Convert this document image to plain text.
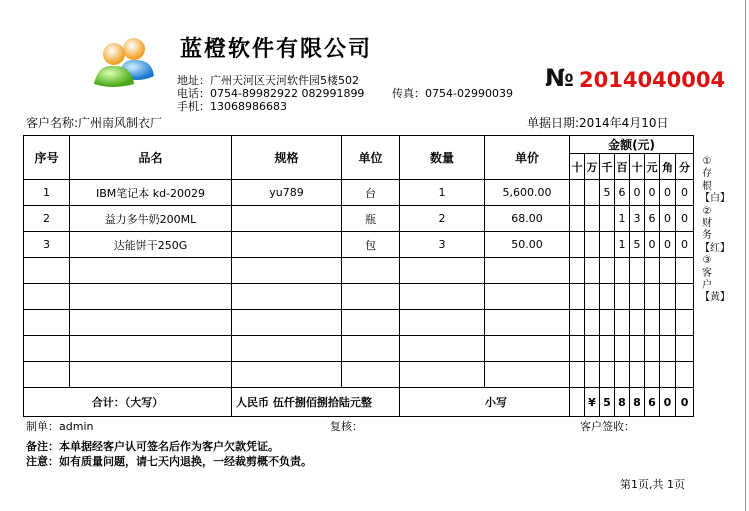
蓝橙软件有限公司
地址：广州天河区天河软件园5楼502
电话：0754-89982922 082991899	传真：0754-02990039
手机：13068986683
№ 2014040004
客户名称:广州南风制衣厂	单据日期:2014年4月10日
序号	品名	规格	单位	数量	单价	金额(元)							
						十	万	千	百	十	元	角	分
1	IBM笔记本 kd-20029	yu789	台	1	5,600.00			5	6	0	0	0	0
2	益力多牛奶200ML		瓶	2	68.00				1	3	6	0	0
3	达能饼干250G		包	3	50.00				1	5	0	0	0

合计：（大写）		人民币 伍仟捌佰捌拾陆元整		小写			¥	5	8	8	6	0	0
①存根【白】②财务【红】③客户【黄】
制单：admin	复核：	客户签收：
备注：本单据经客户认可签名后作为客户欠款凭证。
注意：如有质量问题，请七天内退换，一经裁剪概不负责。
第1页,共 1页
